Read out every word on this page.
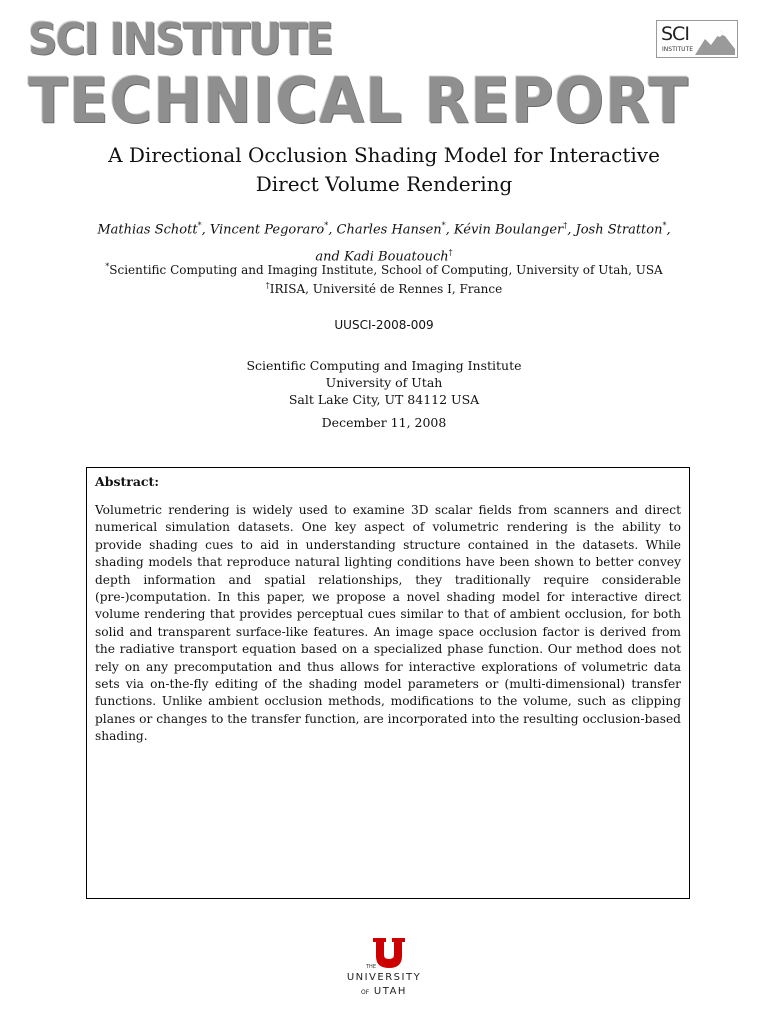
SCI INSTITUTE
TECHNICAL REPORT
SCI
INSTITUTE
A Directional Occlusion Shading Model for Interactive
Direct Volume Rendering
Mathias Schott*, Vincent Pegoraro*, Charles Hansen*, Kévin Boulanger†, Josh Stratton*,
and Kadi Bouatouch†
*Scientific Computing and Imaging Institute, School of Computing, University of Utah, USA
†IRISA, Université de Rennes I, France
UUSCI-2008-009
Scientific Computing and Imaging Institute
University of Utah
Salt Lake City, UT 84112 USA
December 11, 2008
Abstract:
Volumetric rendering is widely used to examine 3D scalar fields from scanners and direct numerical simulation datasets. One key aspect of volumetric rendering is the ability to provide shading cues to aid in understanding structure contained in the datasets. While shading models that reproduce natural lighting conditions have been shown to better convey depth information and spatial relationships, they traditionally require considerable (pre-)computation. In this paper, we propose a novel shading model for interactive direct volume rendering that provides perceptual cues similar to that of ambient occlusion, for both solid and transparent surface-like features. An image space occlusion factor is derived from the radiative transport equation based on a specialized phase function. Our method does not rely on any precomputation and thus allows for interactive explorations of volumetric data sets via on-the-fly editing of the shading model parameters or (multi-dimensional) transfer functions. Unlike ambient occlusion methods, modifications to the volume, such as clipping planes or changes to the transfer function, are incorporated into the resulting occlusion-based shading.
THE
UNIVERSITY
OF UTAH
